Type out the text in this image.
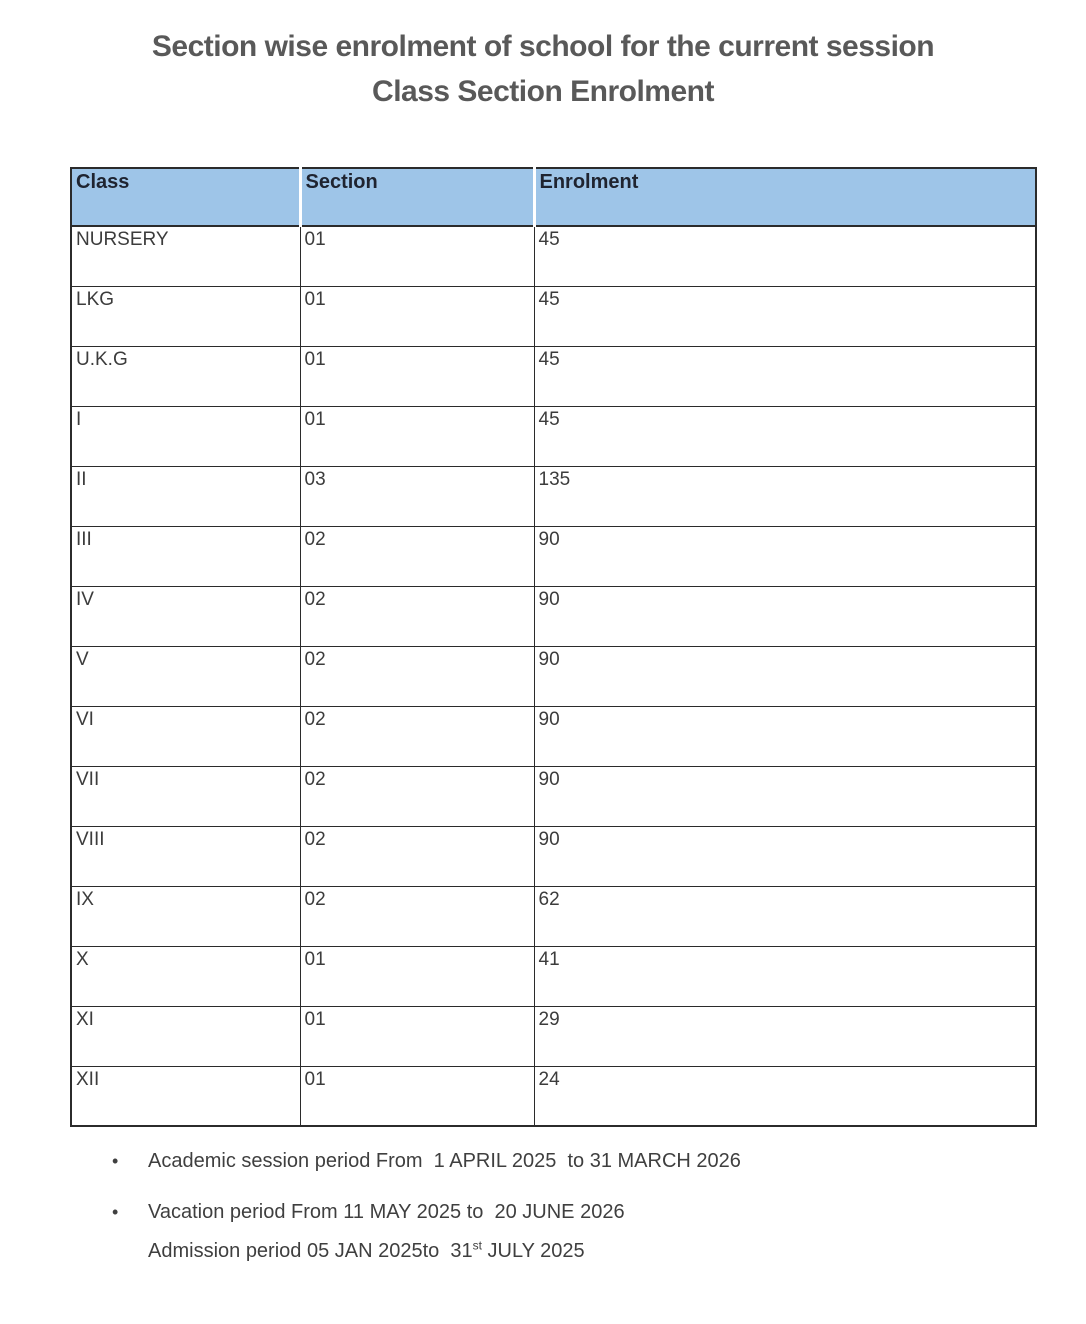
Section wise enrolment of school for the current session
Class Section Enrolment
Class	Section	Enrolment
NURSERY	01	45
LKG	01	45
U.K.G	01	45
I	01	45
II	03	135
III	02	90
IV	02	90
V	02	90
VI	02	90
VII	02	90
VIII	02	90
IX	02	62
X	01	41
XI	01	29
XII	01	24
•	Academic session period From  1 APRIL 2025  to 31 MARCH 2026
•	Vacation period From 11 MAY 2025 to  20 JUNE 2026
Admission period 05 JAN 2025to  31st JULY 2025
